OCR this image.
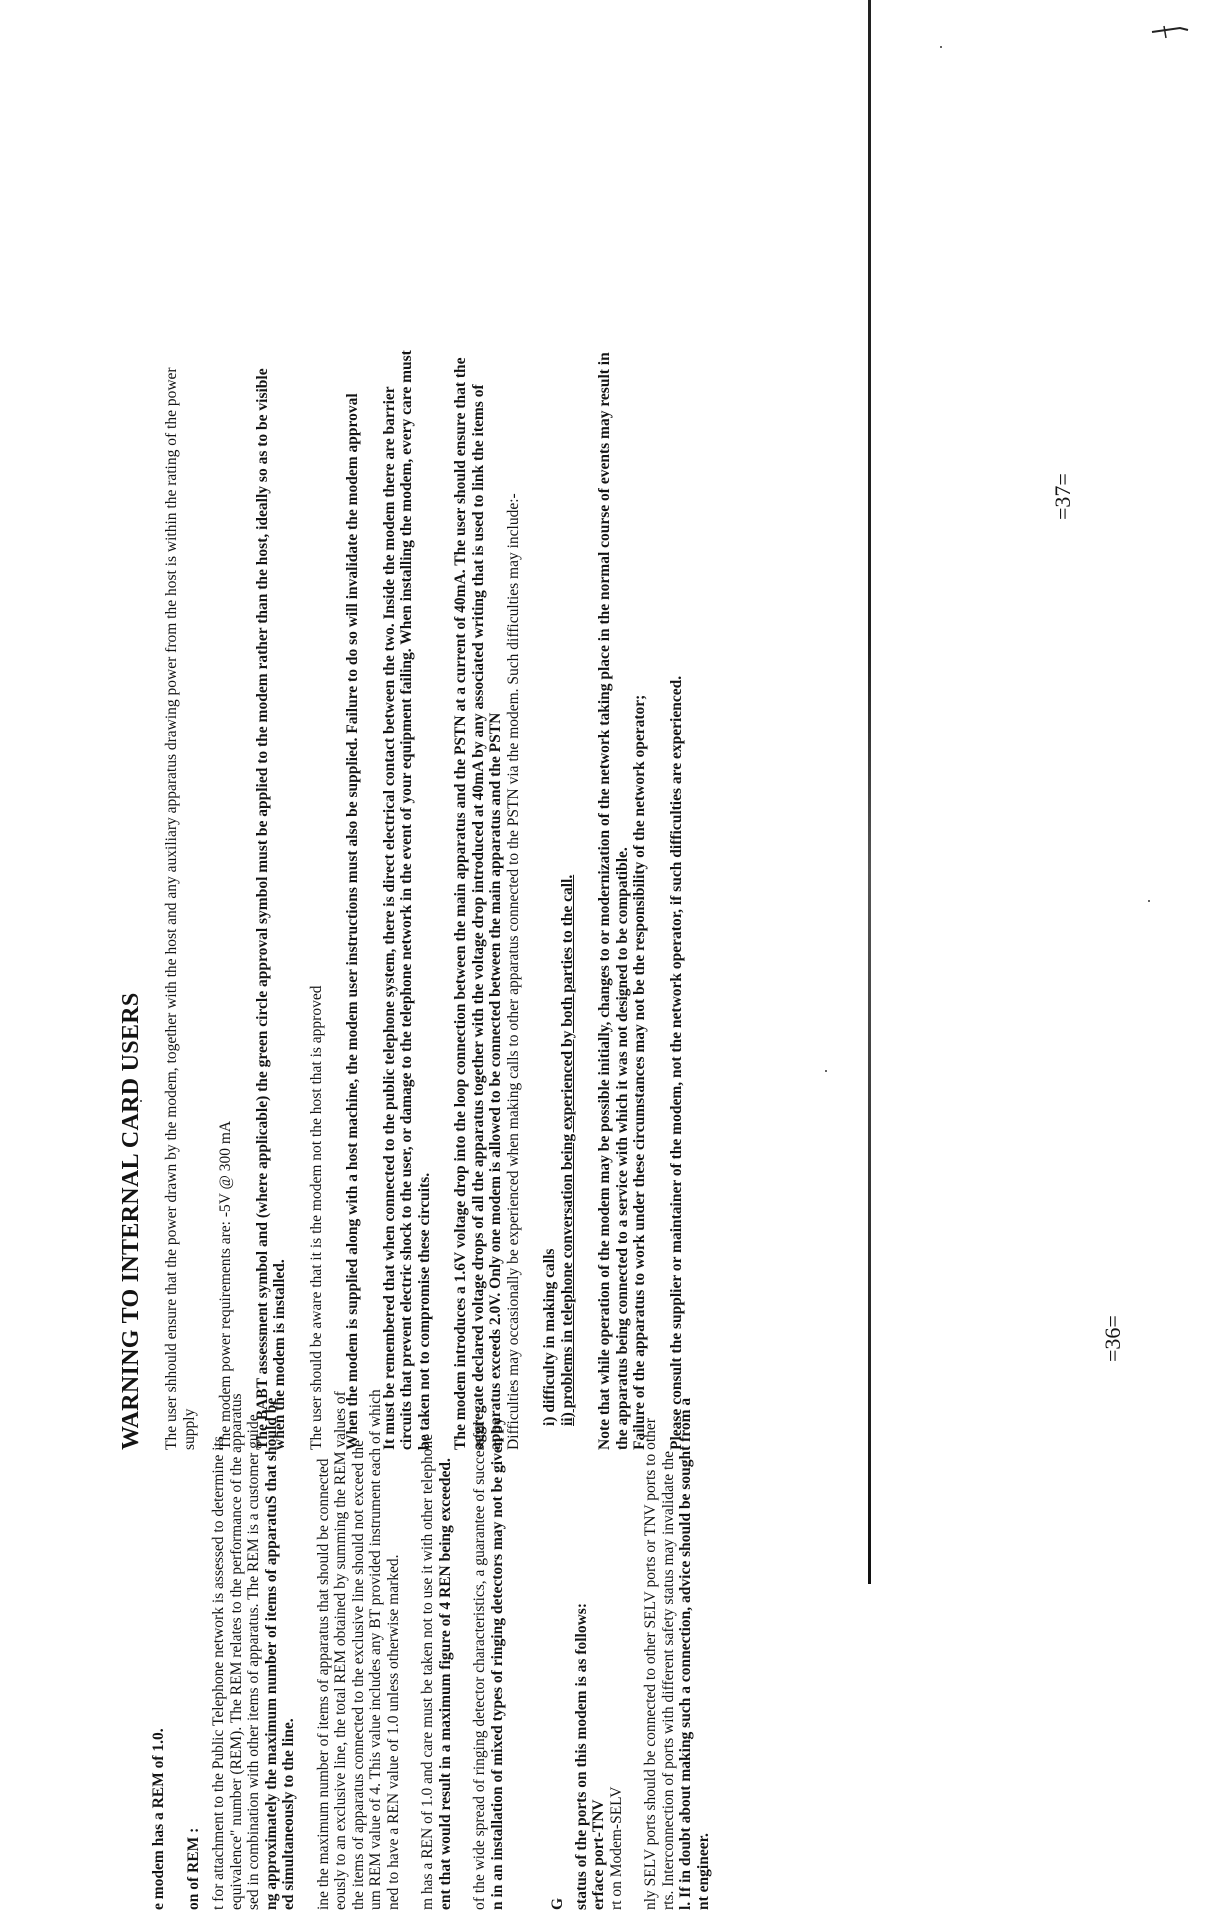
WARNING TO INTERNAL CARD USERS The user shhould ensure that the power drawn by the modem, together with the host and any auxiliary apparatus drawing power from the host is within the rating of the power supply The modem power requirements are: -5V @ 300 mA The BABT assessment symbol and (where applicable) the green circle approval symbol must be applied to the modem rather than the host, ideally so as to be visible when the modem is installed. The user should be aware that it is the modem not the host that is approved When the modem is supplied along with a host machine, the modem user instructions must also be supplied. Failure to do so will invalidate the modem approval It must be remembered that when connected to the public telephone system, there is direct electrical contact between the two. Inside the modem there are barrier circuits that prevent electric shock to the user, or damage to the telephone network in the event of your equipment failing. When installing the modem, every care must be taken not to compromise these circuits. The modem introduces a 1.6V voltage drop into the loop connection between the main apparatus and the PSTN at a current of 40mA. The user should ensure that the aggregate declared voltage drops of all the apparatus together with the voltage drop introduced at 40mA by any associated writing that is used to link the items of apparatus exceeds 2.0V. Only one modem is allowed to be connected between the main apparatus and the PSTN Difficulties may occasionally be experienced when making calls to other apparatus connected to the PSTN via the modem. Such difficulties may include:- i) difficulty in making calls ii) problems in telephone conversation being experienced by both parties to the call. Note that while operation of the modem may be possible initially, changes to or modernization of the network taking place in the normal course of events may result in
the apparatus being connected to a service with which it was not designed to be compatible.
Failure of the apparatus to work under these circumstances may not be the responsibility of the network operator; Please consult the supplier or maintainer of the modem, not the network operator, if such difficulties are experienced.

e modem has a REM of 1.0. on of REM : t for attachment to the Public Telephone network is assessed to determine its
equivalence" number (REM). The REM relates to the performance of the apparatus
sed in combination with other items of apparatus. The REM is a customer guide
ng approximately the maximum number of items of apparatuS that should be
ed simultaneously to the line. ine the maximum number of items of apparatus that should be connected
eously to an exclusive line, the total REM obtained by summing the REM values of
the items of apparatus connected to the exclusive line should not exceed the
um REM value of 4. This value includes any BT provided instrument each of which
ned to have a REN value of 1.0 unless otherwise marked. m has a REN of 1.0 and care must be taken not to use it with other telephone
ent that would result in a maximum figure of 4 REN being exceeded. of the wide spread of ringing detector characteristics, a guarantee of successful
n in an installation of mixed types of ringing detectors may not be given by	G status of the ports on this modem is as follows:
erface port-TNV
rt on Modem-SELV nly SELV ports should be connected to other SELV ports or TNV ports to other
rts. Interconnection of ports with different safety status may invalidate the
l. If in doubt about making such a connection, advice should be sought from a
nt engineer.

=36=
=37=
